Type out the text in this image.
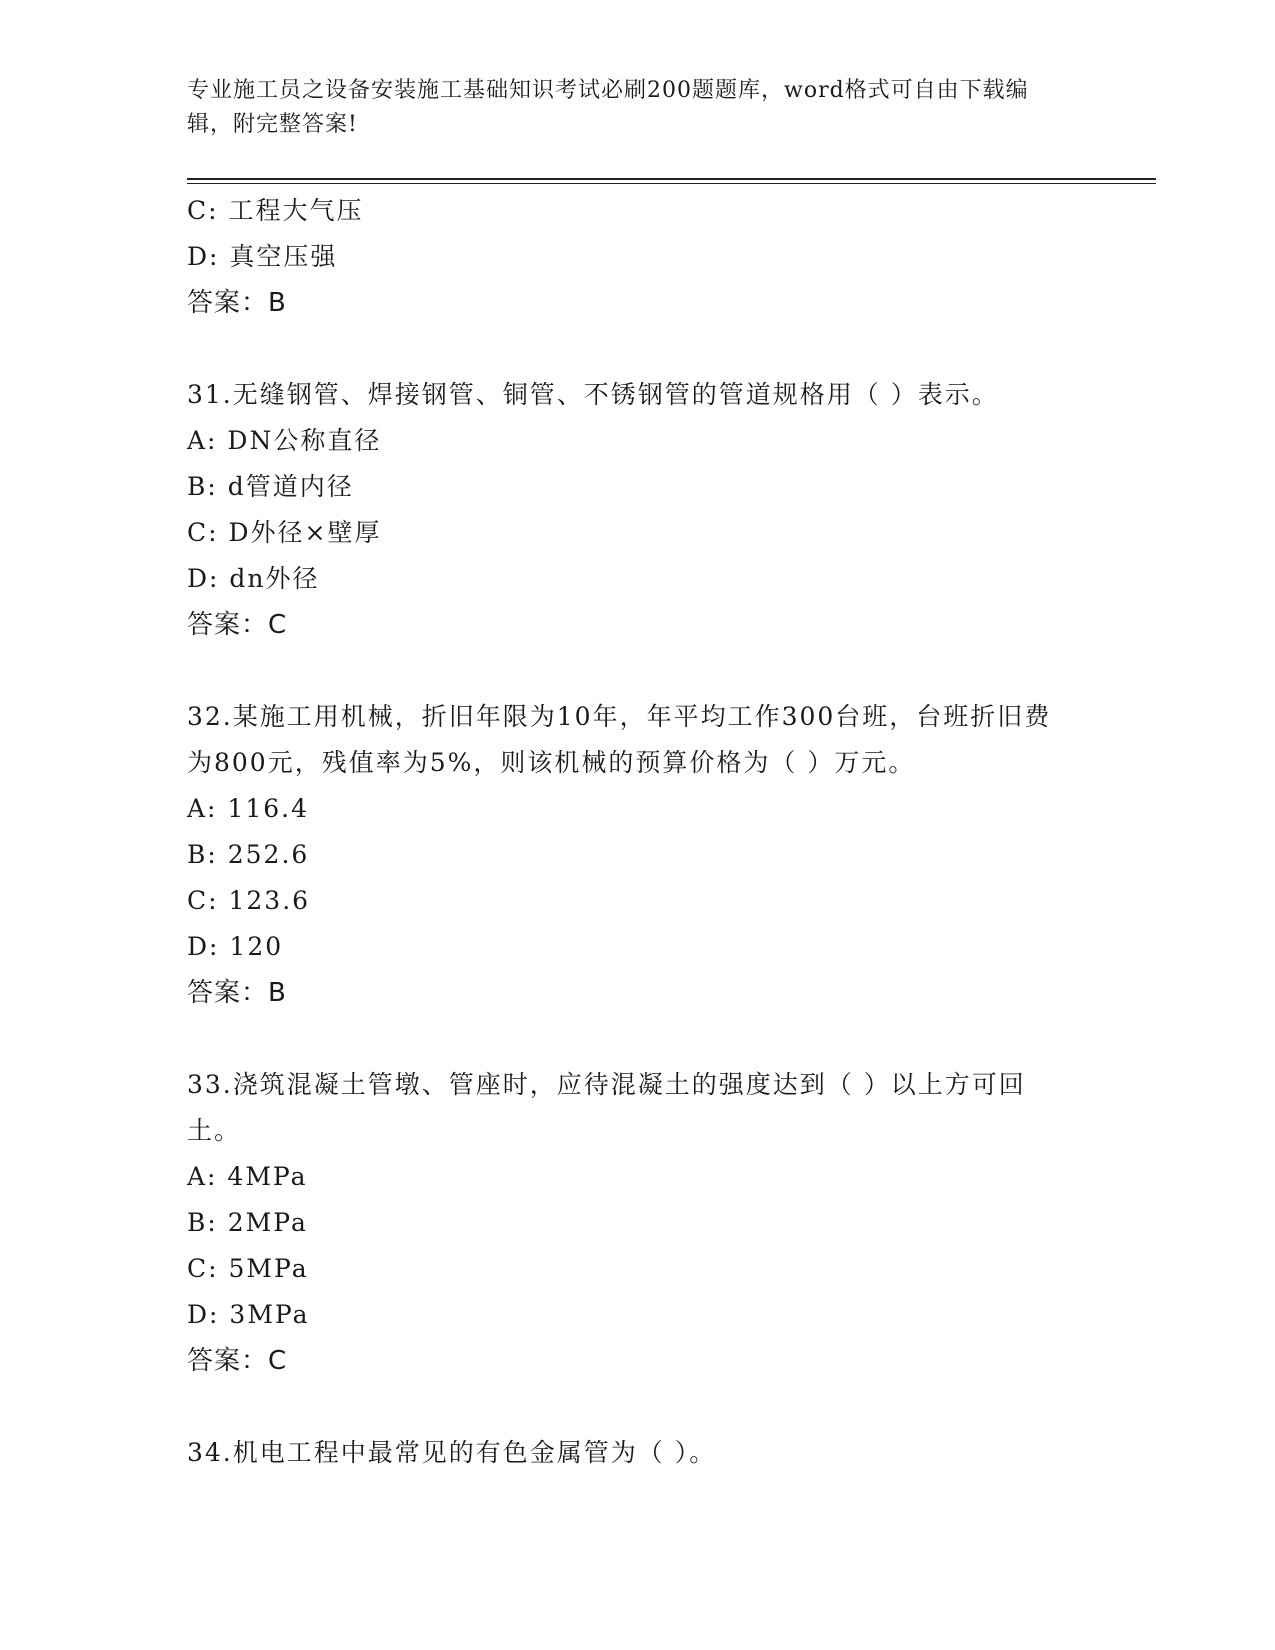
专业施工员之设备安装施工基础知识考试必刷200题题库，word格式可自由下载编辑，附完整答案!
C: 工程大气压
D: 真空压强
答案：B
31.无缝钢管、焊接钢管、铜管、不锈钢管的管道规格用（ ）表示。
A: DN公称直径
B: d管道内径
C: D外径×壁厚
D: dn外径
答案：C
32.某施工用机械，折旧年限为10年，年平均工作300台班，台班折旧费为800元，残值率为5%，则该机械的预算价格为（ ）万元。
A: 116.4
B: 252.6
C: 123.6
D: 120
答案：B
33.浇筑混凝土管墩、管座时，应待混凝土的强度达到（ ）以上方可回土。
A: 4MPa
B: 2MPa
C: 5MPa
D: 3MPa
答案：C
34.机电工程中最常见的有色金属管为（ ）。
